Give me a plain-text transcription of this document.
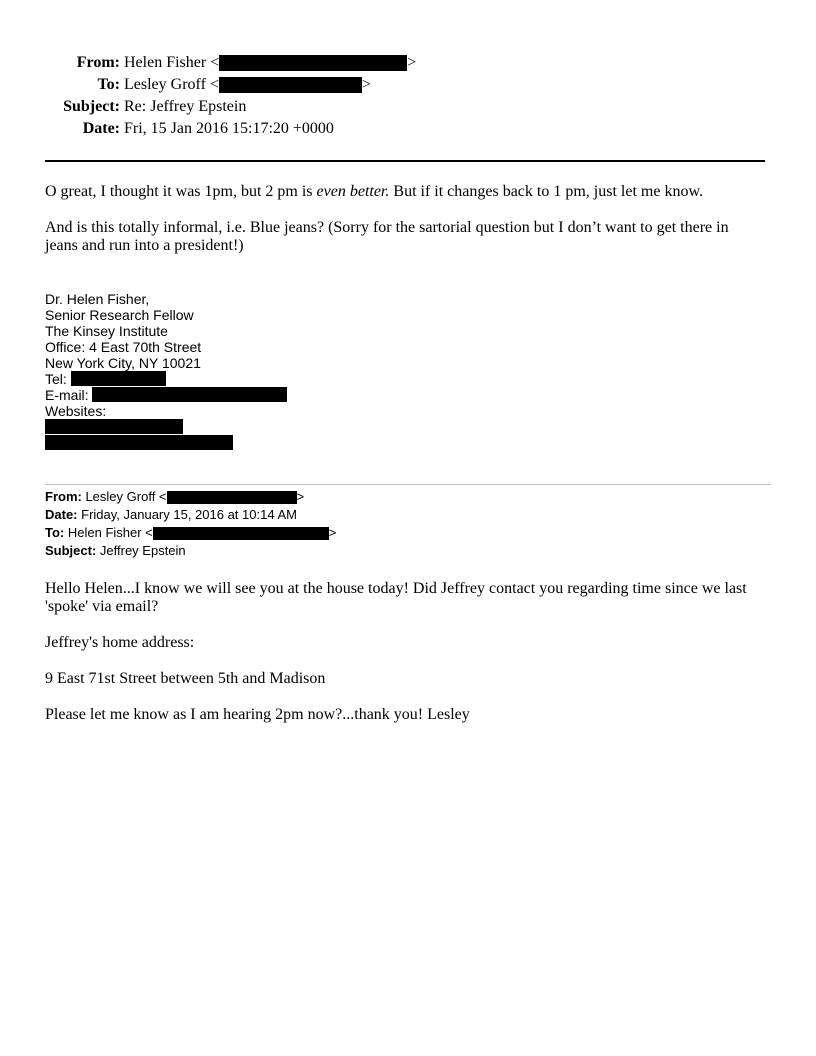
From: Helen Fisher <	>
To: Lesley Groff <	>
Subject: Re: Jeffrey Epstein
Date: Fri, 15 Jan 2016 15:17:20 +0000
O great, I thought it was 1pm, but 2 pm is even better. But if it changes back to 1 pm, just let me know.
And is this totally informal, i.e. Blue jeans? (Sorry for the sartorial question but I don’t want to get there in jeans and run into a president!)
Dr. Helen Fisher,
Senior Research Fellow
The Kinsey Institute
Office: 4 East 70th Street
New York City, NY 10021
Tel:
E-mail:
Websites:
From: Lesley Groff <	>
Date: Friday, January 15, 2016 at 10:14 AM
To: Helen Fisher <	>
Subject: Jeffrey Epstein
Hello Helen...I know we will see you at the house today! Did Jeffrey contact you regarding time since we last 'spoke' via email?
Jeffrey's home address:
9 East 71st Street between 5th and Madison
Please let me know as I am hearing 2pm now?...thank you! Lesley
